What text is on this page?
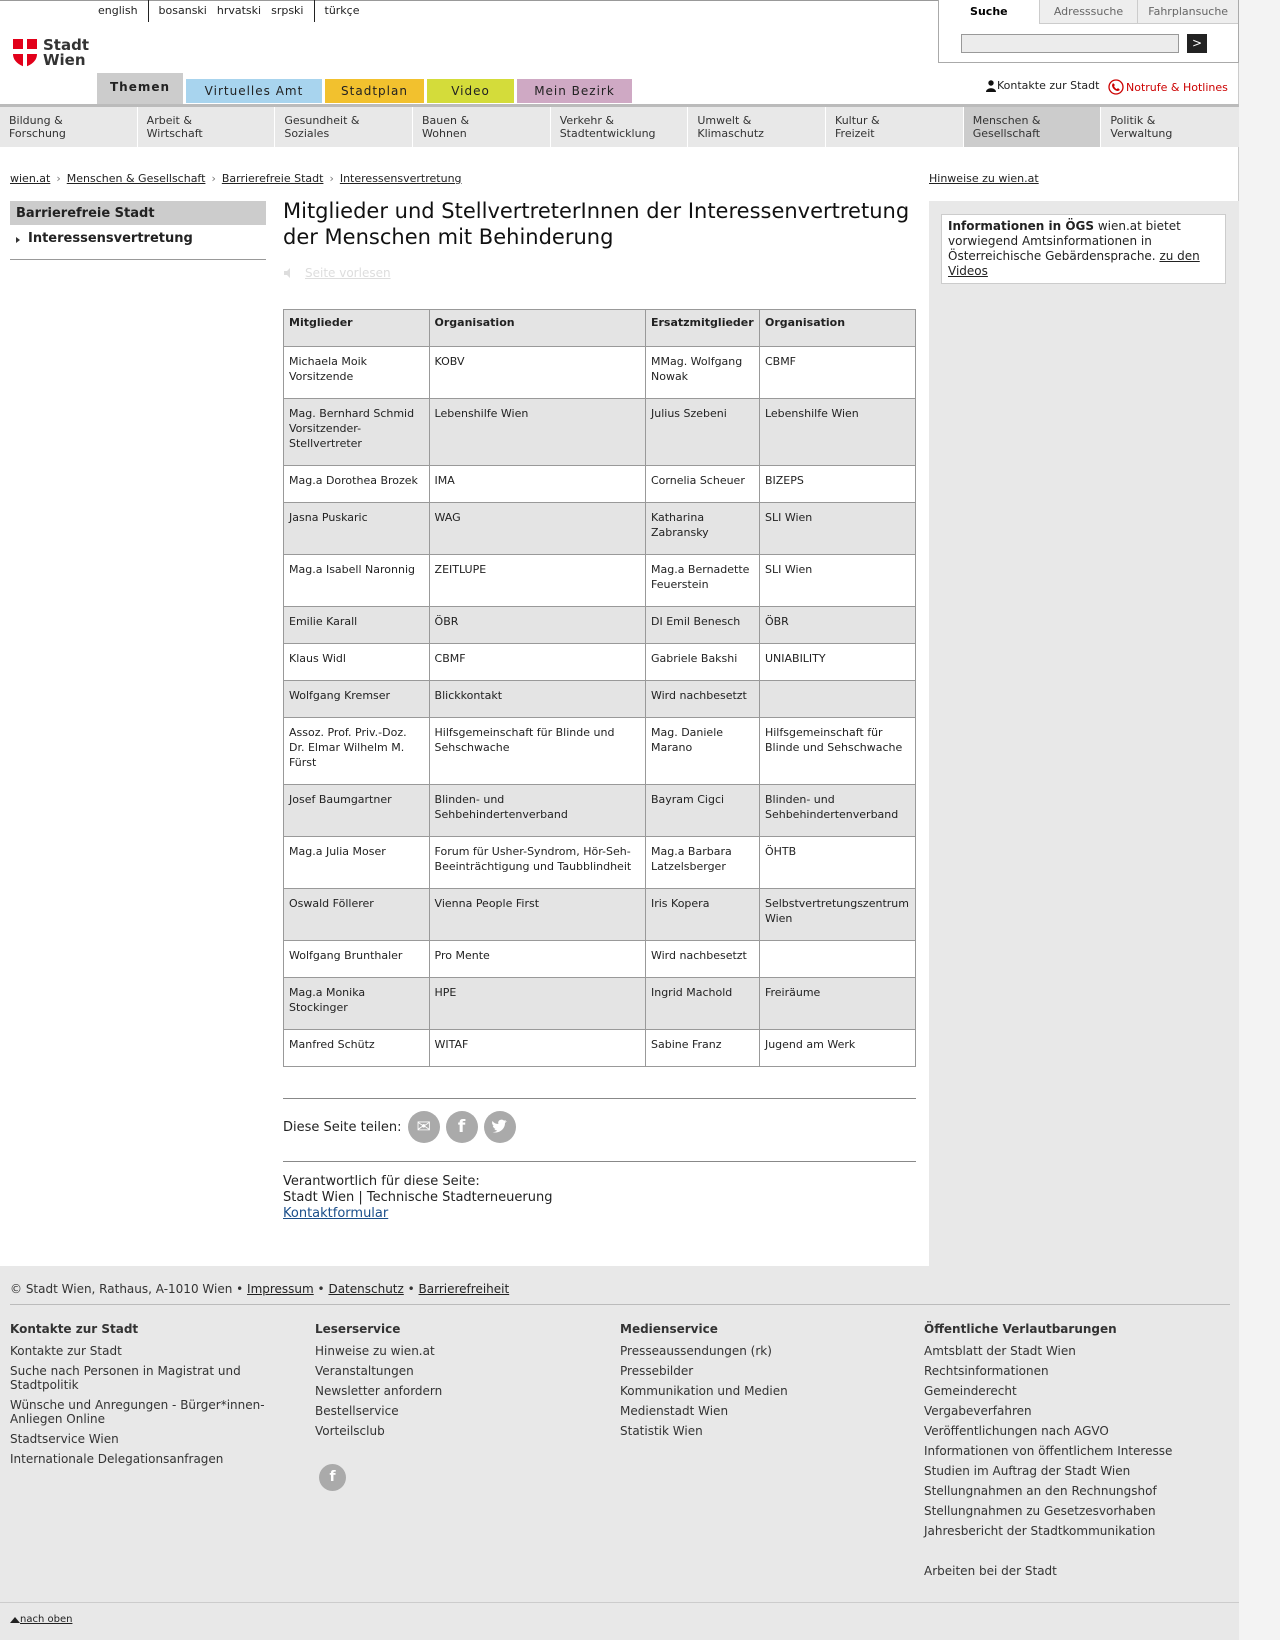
english	bosanski hrvatski srpski	türkçe
Stadt
Wien
Suche	Adresssuche	Fahrplansuche
>
Kontakte zur Stadt Notrufe & Hotlines
Themen	Virtuelles Amt	Stadtplan	Video	Mein Bezirk
Bildung &
Forschung
Arbeit &
Wirtschaft
Gesundheit &
Soziales
Bauen &
Wohnen
Verkehr &
Stadtentwicklung
Umwelt &
Klimaschutz
Kultur &
Freizeit
Menschen &
Gesellschaft
Politik &
Verwaltung
wien.at › Menschen & Gesellschaft › Barrierefreie Stadt › Interessensvertretung	Hinweise zu wien.at
Barrierefreie Stadt
Interessensvertretung
Mitglieder und StellvertreterInnen der Interessenvertretung der Menschen mit Behinderung
Seite vorlesen
Mitglieder	Organisation	Ersatzmitglieder	Organisation
Michaela Moik Vorsitzende	KOBV	MMag. Wolfgang Nowak	CBMF
Mag. Bernhard Schmid Vorsitzender-Stellvertreter	Lebenshilfe Wien	Julius Szebeni	Lebenshilfe Wien
Mag.a Dorothea Brozek	IMA	Cornelia Scheuer	BIZEPS
Jasna Puskaric	WAG	Katharina Zabransky	SLI Wien
Mag.a Isabell Naronnig	ZEITLUPE	Mag.a Bernadette Feuerstein	SLI Wien
Emilie Karall	ÖBR	DI Emil Benesch	ÖBR
Klaus Widl	CBMF	Gabriele Bakshi	UNIABILITY
Wolfgang Kremser	Blickkontakt	Wird nachbesetzt	
Assoz. Prof. Priv.-Doz. Dr. Elmar Wilhelm M. Fürst	Hilfsgemeinschaft für Blinde und Sehschwache	Mag. Daniele Marano	Hilfsgemeinschaft für Blinde und Sehschwache
Josef Baumgartner	Blinden- und Sehbehindertenverband	Bayram Cigci	Blinden- und Sehbehindertenverband
Mag.a Julia Moser	Forum für Usher-Syndrom, Hör-Seh-Beeinträchtigung und Taubblindheit	Mag.a Barbara Latzelsberger	ÖHTB
Oswald Föllerer	Vienna People First	Iris Kopera	Selbstvertretungszentrum Wien
Wolfgang Brunthaler	Pro Mente	Wird nachbesetzt	
Mag.a Monika Stockinger	HPE	Ingrid Machold	Freiräume
Manfred Schütz	WITAF	Sabine Franz	Jugend am Werk
Diese Seite teilen: ✉	f
Verantwortlich für diese Seite:
Stadt Wien | Technische Stadterneuerung
Kontaktformular
Informationen in ÖGS wien.at bietet vorwiegend Amtsinformationen in Österreichische Gebärdensprache. zu den Videos
© Stadt Wien, Rathaus, A-1010 Wien • Impressum • Datenschutz • Barrierefreiheit
Kontakte zur Stadt
Kontakte zur Stadt
Suche nach Personen in Magistrat und Stadtpolitik
Wünsche und Anregungen - Bürger*innen-Anliegen Online
Stadtservice Wien
Internationale Delegationsanfragen
Leserservice
Hinweise zu wien.at
Veranstaltungen
Newsletter anfordern
Bestellservice
Vorteilsclub
Medienservice
Presseaussendungen (rk)
Pressebilder
Kommunikation und Medien
Medienstadt Wien
Statistik Wien
Öffentliche Verlautbarungen
Amtsblatt der Stadt Wien
Rechtsinformationen
Gemeinderecht
Vergabeverfahren
Veröffentlichungen nach AGVO
Informationen von öffentlichem Interesse
Studien im Auftrag der Stadt Wien
Stellungnahmen an den Rechnungshof
Stellungnahmen zu Gesetzesvorhaben
Jahresbericht der Stadtkommunikation
Arbeiten bei der Stadt
nach oben
f
